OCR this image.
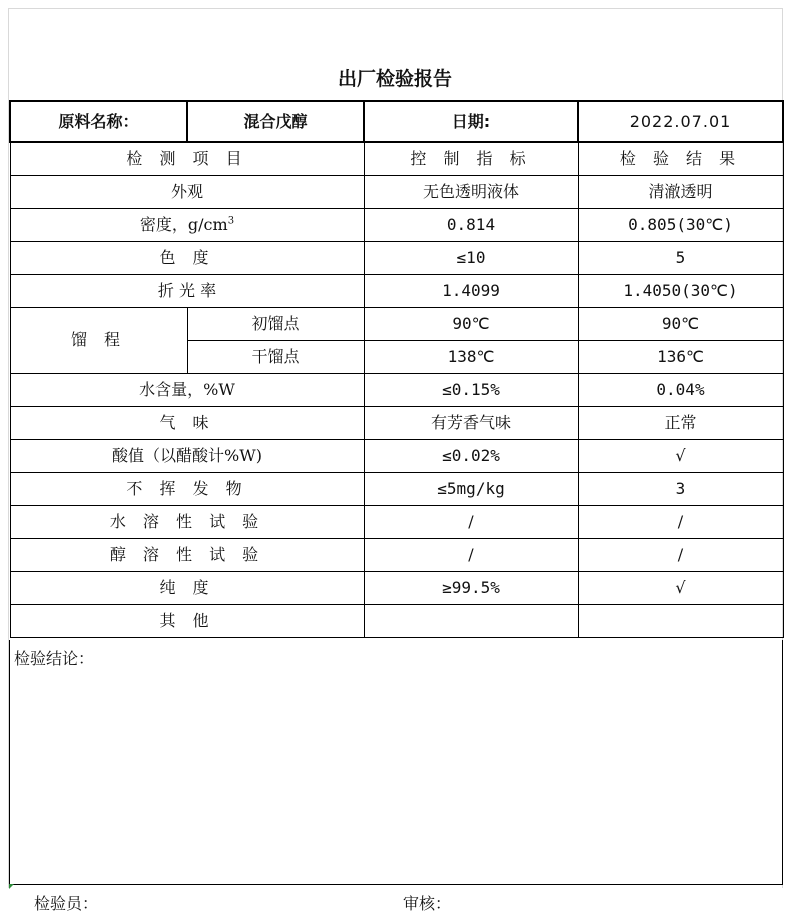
出厂检验报告
原料名称：	混合戊醇	日期:	2022.07.01
检 测 项 目		控 制 指 标	检 验 结 果
外观		无色透明液体	清澈透明
密度，$g/cm^3$		0.814	0.805(30℃)
色 度		≤10	5
折 光 率		1.4099	1.4050(30℃)
馏 程	初馏点	90℃	90℃
	干馏点	138℃	136℃
水含量，%W		≤0.15%	0.04%
气 味		有芳香气味	正常
酸值（以醋酸计%W)		≤0.02%	√
不 挥 发 物		≤5mg/kg	3
水 溶 性 试 验		/	/
醇 溶 性 试 验		/	/
纯 度		≥99.5%	√
其 他			
检验结论：
检验员：	审核：
